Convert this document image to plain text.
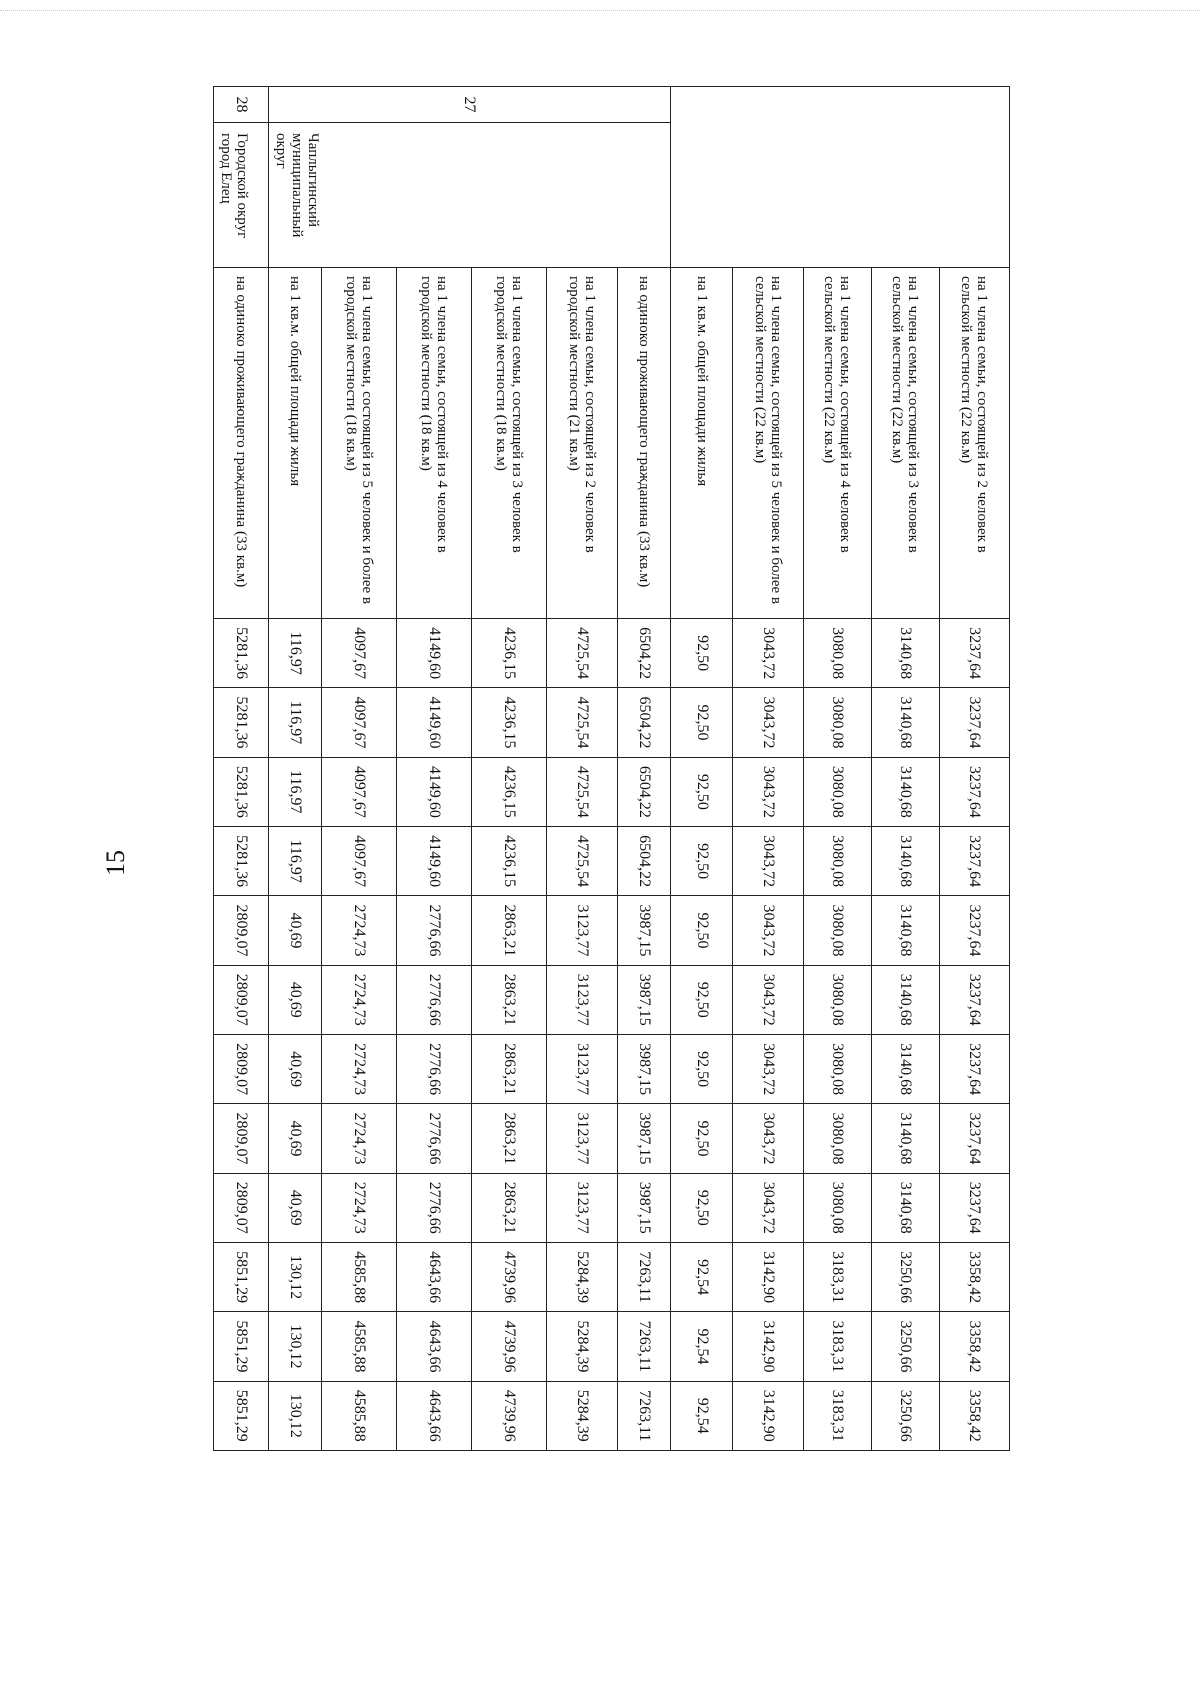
15
		на 1 члена семьи, состоящей из 2 человек в сельской местности (22 кв.м)	3237,64	3237,64	3237,64	3237,64	3237,64	3237,64	3237,64	3237,64	3237,64	3358,42	3358,42	3358,42
		на 1 члена семьи, состоящей из 3 человек в сельской местности (22 кв.м)	3140,68	3140,68	3140,68	3140,68	3140,68	3140,68	3140,68	3140,68	3140,68	3250,66	3250,66	3250,66
		на 1 члена семьи, состоящей из 4 человек в сельской местности (22 кв.м)	3080,08	3080,08	3080,08	3080,08	3080,08	3080,08	3080,08	3080,08	3080,08	3183,31	3183,31	3183,31
		на 1 члена семьи, состоящей из 5 человек и более в сельской местности (22 кв.м)	3043,72	3043,72	3043,72	3043,72	3043,72	3043,72	3043,72	3043,72	3043,72	3142,90	3142,90	3142,90
		на 1 кв.м. общей площади жилья	92,50	92,50	92,50	92,50	92,50	92,50	92,50	92,50	92,50	92,54	92,54	92,54
27	Чаплыгинский муниципальный округ	на одиноко проживающего гражданина (33 кв.м)	6504,22	6504,22	6504,22	6504,22	3987,15	3987,15	3987,15	3987,15	3987,15	7263,11	7263,11	7263,11
		на 1 члена семьи, состоящей из 2 человек в городской местности (21 кв.м)	4725,54	4725,54	4725,54	4725,54	3123,77	3123,77	3123,77	3123,77	3123,77	5284,39	5284,39	5284,39
		на 1 члена семьи, состоящей из 3 человек в городской местности (18 кв.м)	4236,15	4236,15	4236,15	4236,15	2863,21	2863,21	2863,21	2863,21	2863,21	4739,96	4739,96	4739,96
		на 1 члена семьи, состоящей из 4 человек в городской местности (18 кв.м)	4149,60	4149,60	4149,60	4149,60	2776,66	2776,66	2776,66	2776,66	2776,66	4643,66	4643,66	4643,66
		на 1 члена семьи, состоящей из 5 человек и более в городской местности (18 кв.м)	4097,67	4097,67	4097,67	4097,67	2724,73	2724,73	2724,73	2724,73	2724,73	4585,88	4585,88	4585,88
		на 1 кв.м. общей площади жилья	116,97	116,97	116,97	116,97	40,69	40,69	40,69	40,69	40,69	130,12	130,12	130,12
28	Городской округ город Елец	на одиноко проживающего гражданина (33 кв.м)	5281,36	5281,36	5281,36	5281,36	2809,07	2809,07	2809,07	2809,07	2809,07	5851,29	5851,29	5851,29
